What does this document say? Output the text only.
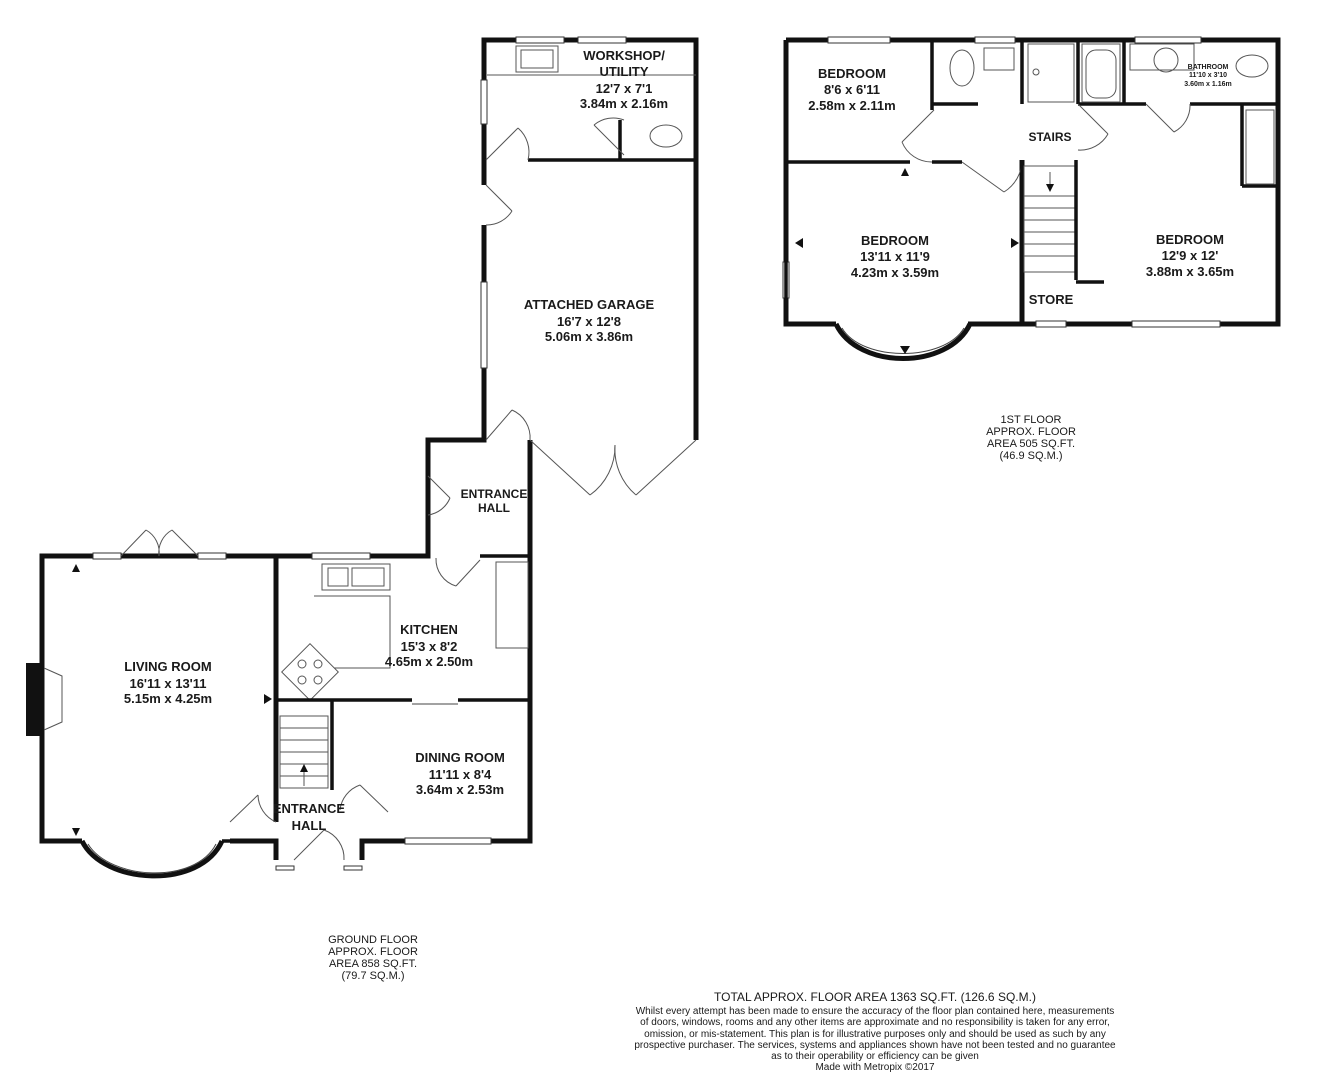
WORKSHOP/
UTILITY
12'7 x 7'1
3.84m x 2.16m
ATTACHED GARAGE
16'7 x 12'8
5.06m x 3.86m
ENTRANCE
HALL
LIVING ROOM
16'11 x 13'11
5.15m x 4.25m
KITCHEN
15'3 x 8'2
4.65m x 2.50m
DINING ROOM
11'11 x 8'4
3.64m x 2.53m
ENTRANCE
HALL
BEDROOM
8'6 x 6'11
2.58m x 2.11m
BEDROOM
13'11 x 11'9
4.23m x 3.59m
BEDROOM
12'9 x 12'
3.88m x 3.65m
BATHROOM
11'10 x 3'10
3.60m x 1.16m
STAIRS
STORE
GROUND FLOOR
APPROX. FLOOR
AREA 858 SQ.FT.
(79.7 SQ.M.)
1ST FLOOR
APPROX. FLOOR
AREA 505 SQ.FT.
(46.9 SQ.M.)
TOTAL APPROX. FLOOR AREA 1363 SQ.FT. (126.6 SQ.M.)
Whilst every attempt has been made to ensure the accuracy of the floor plan contained here, measurements
of doors, windows, rooms and any other items are approximate and no responsibility is taken for any error,
omission, or mis-statement. This plan is for illustrative purposes only and should be used as such by any
prospective purchaser. The services, systems and appliances shown have not been tested and no guarantee
as to their operability or efficiency can be given
Made with Metropix ©2017
